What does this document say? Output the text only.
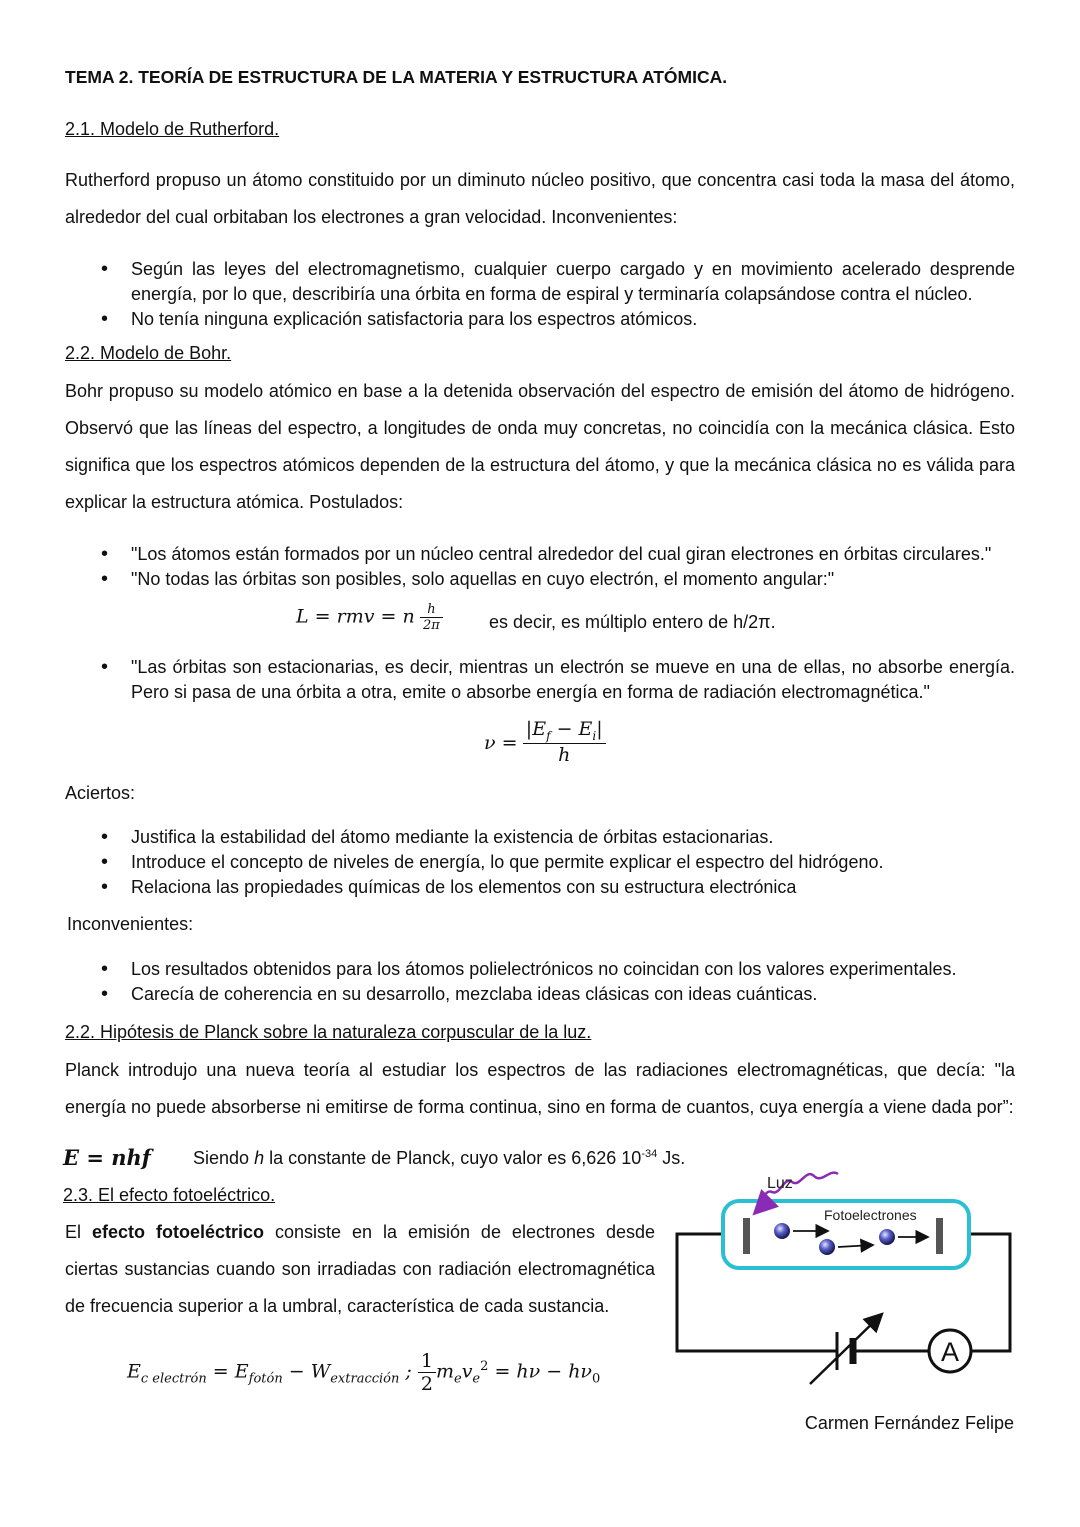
TEMA 2. TEORÍA DE ESTRUCTURA DE LA MATERIA Y ESTRUCTURA ATÓMICA.
2.1. Modelo de Rutherford.
Rutherford propuso un átomo constituido por un diminuto núcleo positivo, que concentra casi toda la masa del átomo, alrededor del cual orbitaban los electrones a gran velocidad. Inconvenientes:
• Según las leyes del electromagnetismo, cualquier cuerpo cargado y en movimiento acelerado desprende energía, por lo que, describiría una órbita en forma de espiral y terminaría colapsándose contra el núcleo.
• No tenía ninguna explicación satisfactoria para los espectros atómicos.
2.2. Modelo de Bohr.
Bohr propuso su modelo atómico en base a la detenida observación del espectro de emisión del átomo de hidrógeno. Observó que las líneas del espectro, a longitudes de onda muy concretas, no coincidía con la mecánica clásica. Esto significa que los espectros atómicos dependen de la estructura del átomo, y que la mecánica clásica no es válida para explicar la estructura atómica. Postulados:
• "Los átomos están formados por un núcleo central alrededor del cual giran electrones en órbitas circulares."
• "No todas las órbitas son posibles, solo aquellas en cuyo electrón, el momento angular:"
L = rmv = n $\frac{h}{2\pi}$	es decir, es múltiplo entero de h/2π.
• "Las órbitas son estacionarias, es decir, mientras un electrón se mueve en una de ellas, no absorbe energía. Pero si pasa de una órbita a otra, emite o absorbe energía en forma de radiación electromagnética."
$\nu = \frac{|E_f - E_i|}{h}$
Aciertos:
• Justifica la estabilidad del átomo mediante la existencia de órbitas estacionarias.
• Introduce el concepto de niveles de energía, lo que permite explicar el espectro del hidrógeno.
• Relaciona las propiedades químicas de los elementos con su estructura electrónica
Inconvenientes:
• Los resultados obtenidos para los átomos polielectrónicos no coincidan con los valores experimentales.
• Carecía de coherencia en su desarrollo, mezclaba ideas clásicas con ideas cuánticas.
2.2. Hipótesis de Planck sobre la naturaleza corpuscular de la luz.
Planck introdujo una nueva teoría al estudiar los espectros de las radiaciones electromagnéticas, que decía: "la energía no puede absorberse ni emitirse de forma continua, sino en forma de cuantos, cuya energía a viene dada por”:
E = nhf Siendo h la constante de Planck, cuyo valor es 6,626 $10^{-34}$ Js.
2.3. El efecto fotoeléctrico.
El efecto fotoeléctrico consiste en la emisión de electrones desde ciertas sustancias cuando son irradiadas con radiación electromagnética de frecuencia superior a la umbral, característica de cada sustancia.
$E_{c electrón} = E_{fotón} - W_{extracción}$ ; $\frac{1}{2} m_ev_e^2 = h\nu - h\nu_0$
A
Luz
Fotoelectrones
Carmen Fernández Felipe
